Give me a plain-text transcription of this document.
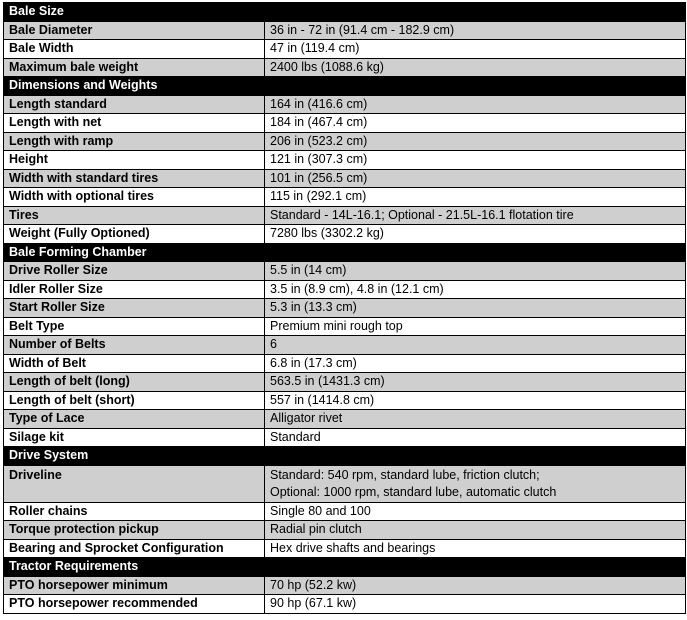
Bale Size	
Bale Diameter	36 in - 72 in (91.4 cm - 182.9 cm)
Bale Width	47 in (119.4 cm)
Maximum bale weight	2400 lbs (1088.6 kg)
Dimensions and Weights	
Length standard	164 in (416.6 cm)
Length with net	184 in (467.4 cm)
Length with ramp	206 in (523.2 cm)
Height	121 in (307.3 cm)
Width with standard tires	101 in (256.5 cm)
Width with optional tires	115 in (292.1 cm)
Tires	Standard - 14L-16.1; Optional - 21.5L-16.1 flotation tire
Weight (Fully Optioned)	7280 lbs (3302.2 kg)
Bale Forming Chamber	
Drive Roller Size	5.5 in (14 cm)
Idler Roller Size	3.5 in (8.9 cm), 4.8 in (12.1 cm)
Start Roller Size	5.3 in (13.3 cm)
Belt Type	Premium mini rough top
Number of Belts	6
Width of Belt	6.8 in (17.3 cm)
Length of belt (long)	563.5 in (1431.3 cm)
Length of belt (short)	557 in (1414.8 cm)
Type of Lace	Alligator rivet
Silage kit	Standard
Drive System	
Driveline	Standard: 540 rpm, standard lube, friction clutch;
Optional: 1000 rpm, standard lube, automatic clutch

Roller chains	Single 80 and 100
Torque protection pickup	Radial pin clutch
Bearing and Sprocket Configuration	Hex drive shafts and bearings
Tractor Requirements	
PTO horsepower minimum	70 hp (52.2 kw)
PTO horsepower recommended	90 hp (67.1 kw)
